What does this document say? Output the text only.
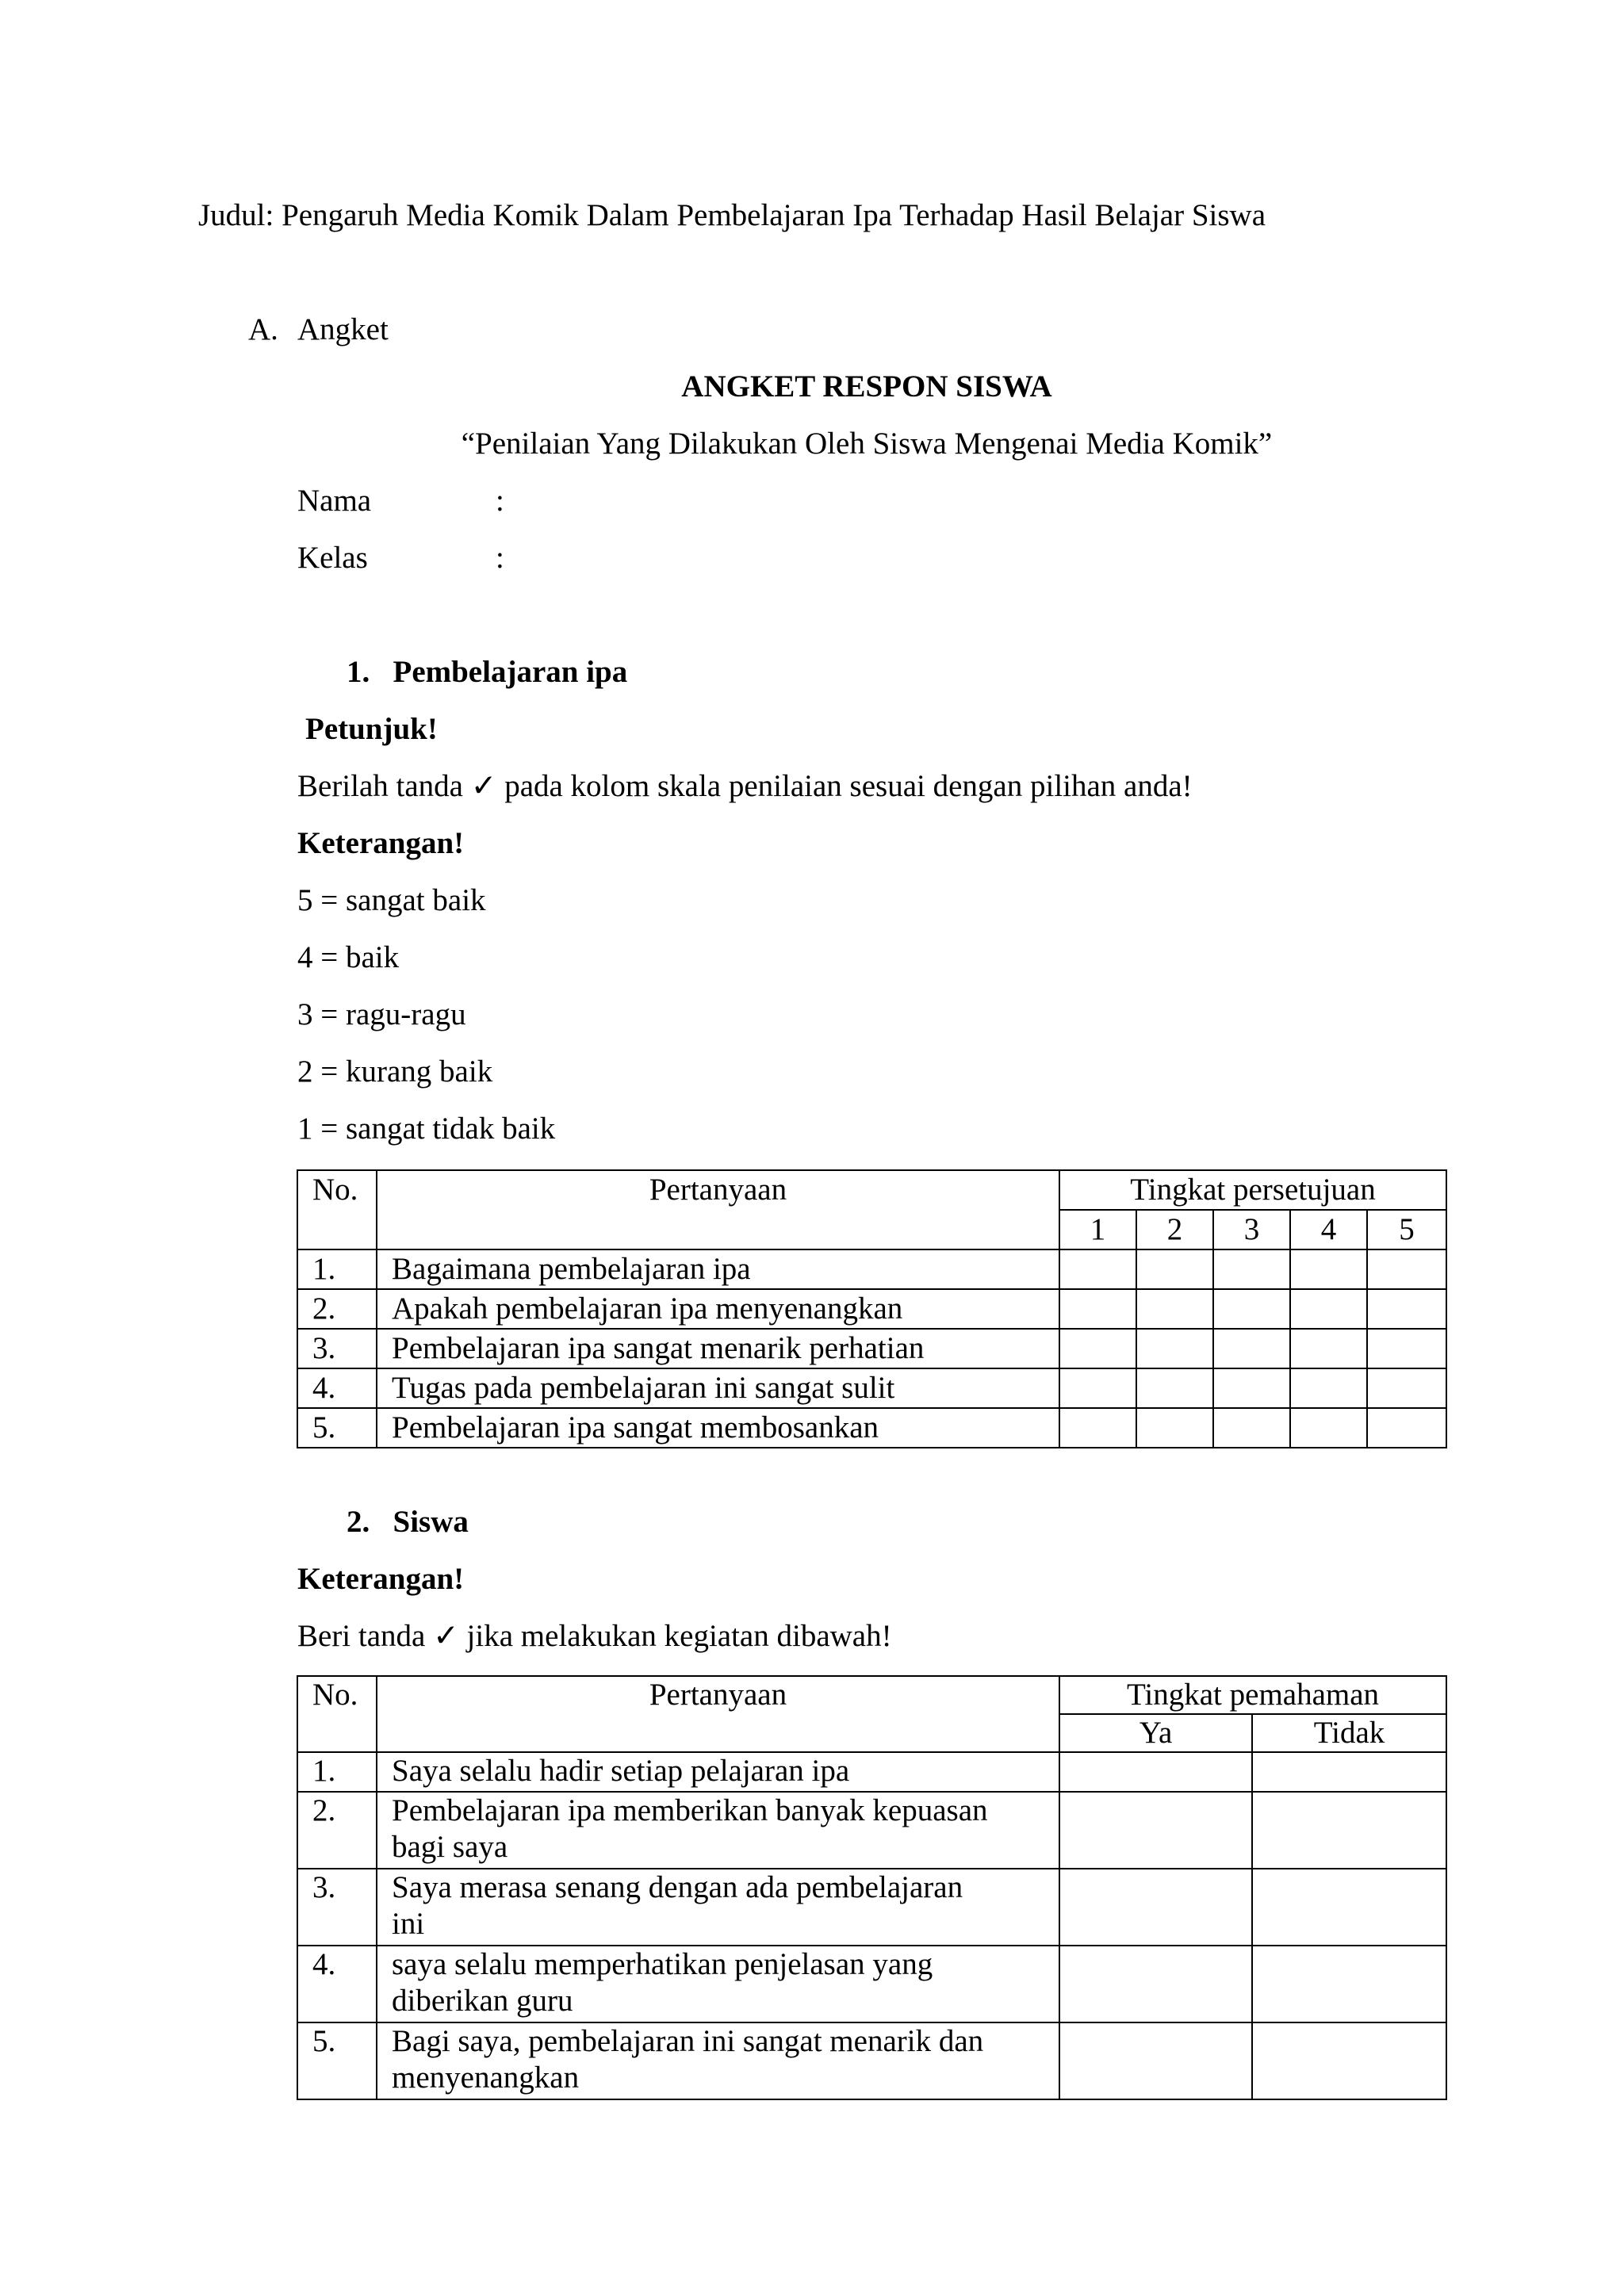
Judul: Pengaruh Media Komik Dalam Pembelajaran Ipa Terhadap Hasil Belajar Siswa
A. Angket
ANGKET RESPON SISWA
“Penilaian Yang Dilakukan Oleh Siswa Mengenai Media Komik”
Nama	:
Kelas	:
1.   Pembelajaran ipa
Petunjuk!
Berilah tanda ✓ pada kolom skala penilaian sesuai dengan pilihan anda!
Keterangan!
5 = sangat baik
4 = baik
3 = ragu-ragu
2 = kurang baik
1 = sangat tidak baik
No.	Pertanyaan	Tingkat persetujuan				
		1	2	3	4	5
1.	Bagaimana pembelajaran ipa					
2.	Apakah pembelajaran ipa menyenangkan					
3.	Pembelajaran ipa sangat menarik perhatian					
4.	Tugas pada pembelajaran ini sangat sulit					
5.	Pembelajaran ipa sangat membosankan					
2.   Siswa
Keterangan!
Beri tanda ✓ jika melakukan kegiatan dibawah!
No.	Pertanyaan	Tingkat pemahaman	
		Ya	Tidak
1.	Saya selalu hadir setiap pelajaran ipa		

2.	Pembelajaran ipa memberikan banyak kepuasan
bagi saya		

3.	Saya merasa senang dengan ada pembelajaran
ini		

4.	saya selalu memperhatikan penjelasan yang
diberikan guru		

5.	Bagi saya, pembelajaran ini sangat menarik dan
menyenangkan		
